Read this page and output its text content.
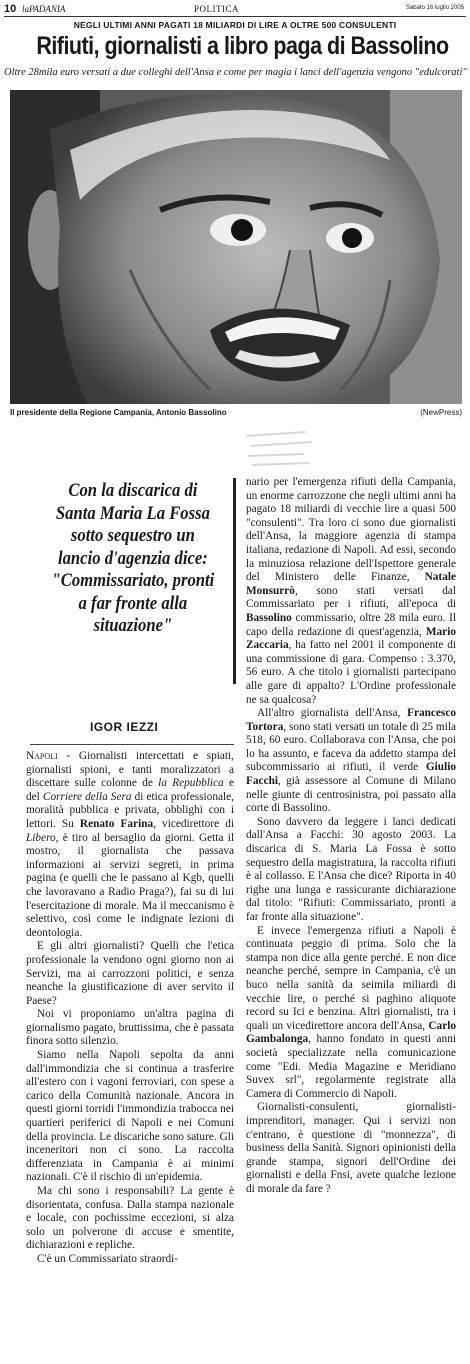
10 laPADANIA	POLITICA	Sabato 16 luglio 2005
NEGLI ULTIMI ANNI PAGATI 18 MILIARDI DI LIRE A OLTRE 500 CONSULENTI
Rifiuti, giornalisti a libro paga di Bassolino
Oltre 28mila euro versati a due colleghi dell'Ansa e come per magia i lanci dell'agenzia vengono "edulcorati"
Il presidente della Regione Campania, Antonio Bassolino	(NewPress)
Con la discarica di Santa Maria La Fossa sotto sequestro un lancio d'agenzia dice: "Commissariato, pronti a far fronte alla situazione"
IGOR IEZZI

Napoli - Giornalisti intercettati e spiati, giornalisti spioni, e tanti moralizzatori a discettare sulle colonne de la Repubblica e del Corriere della Sera di etica professionale, moralità pubblica e privata, obblighi con i lettori. Su Renato Farina, vicedirettore di Libero, è tiro al bersaglio da giorni. Getta il mostro, il giornalista che passava informazioni ai servizi segreti, in prima pagina (e quelli che le passano al Kgb, quelli che lavoravano a Radio Praga?), fai su di lui l'esercitazione di morale. Ma il meccanismo è selettivo, così come le indignate lezioni di deontologia.

E gli altri giornalisti? Quelli che l'etica professionale la vendono ogni giorno non ai Servizi, ma ai carrozzoni politici, e senza neanche la giustificazione di aver servito il Paese?

Noi vi proponiamo un'altra pagina di giornalismo pagato, bruttissima, che è passata finora sotto silenzio.

Siamo nella Napoli sepolta da anni dall'immondizia che si continua a trasferire all'estero con i vagoni ferroviari, con spese a carico della Comunità nazionale. Ancora in questi giorni torridi l'immondizia trabocca nei quartieri periferici di Napoli e nei Comuni della provincia. Le discariche sono sature. Gli inceneritori non ci sono. La raccolta differenziata in Campania è ai minimi nazionali. C'è il rischio di un'epidemia.

Ma chi sono i responsabili? La gente è disorientata, confusa. Dalla stampa nazionale e locale, con pochissime eccezioni, si alza solo un polverone di accuse e smentite, dichiarazioni e repliche.

C'è un Commissariato straordi-

nario per l'emergenza rifiuti della Campania, un enorme carrozzone che negli ultimi anni ha pagato 18 miliardi di vecchie lire a quasi 500 "consulenti". Tra loro ci sono due giornalisti dell'Ansa, la maggiore agenzia di stampa italiana, redazione di Napoli. Ad essi, secondo la minuziosa relazione dell'Ispettore generale del Ministero delle Finanze, Natale Monsurrò, sono stati versati dal Commissariato per i rifiuti, all'epoca di Bassolino commissario, oltre 28 mila euro. Il capo della redazione di quest'agenzia, Mario Zaccaria, ha fatto nel 2001 il componente di una commissione di gara. Compenso : 3.370, 56 euro. A che titolo i giornalisti partecipano alle gare di appalto? L'Ordine professionale ne sa qualcosa?

All'altro giornalista dell'Ansa, Francesco Tortora, sono stati versati un totale di 25 mila 518, 60 euro. Collaborava con l'Ansa, che poi lo ha assunto, e faceva da addetto stampa del subcommissario ai rifiuti, il verde Giulio Facchi, già assessore al Comune di Milano nelle giunte di centrosinistra, poi passato alla corte di Bassolino.

Sono davvero da leggere i lanci dedicati dall'Ansa a Facchi: 30 agosto 2003. La discarica di S. Maria La Fossa è sotto sequestro della magistratura, la raccolta rifiuti è al collasso. E l'Ansa che dice? Riporta in 40 righe una lunga e rassicurante dichiarazione dal titolo: "Rifiuti: Commissariato, pronti a far fronte alla situazione".

E invece l'emergenza rifiuti a Napoli è continuata peggio di prima. Solo che la stampa non dice alla gente perché. E non dice neanche perché, sempre in Campania, c'è un buco nella sanità da seimila miliardi di vecchie lire, o perché si paghino aliquote record su Ici e benzina. Altri giornalisti, tra i quali un vicedirettore ancora dell'Ansa, Carlo Gambalonga, hanno fondato in questi anni società specializzate nella comunicazione come "Edi. Media Magazine e Meridiano Suvex srl", regolarmente registrate alla Camera di Commercio di Napoli.

Giornalisti-consulenti, giornalisti-imprenditori, manager. Qui i servizi non c'entrano, è questione di "monnezza", di business della Sanità. Signori opinionisti della grande stampa, signori dell'Ordine dei giornalisti e della Fnsi, avete qualche lezione di morale da fare ?
